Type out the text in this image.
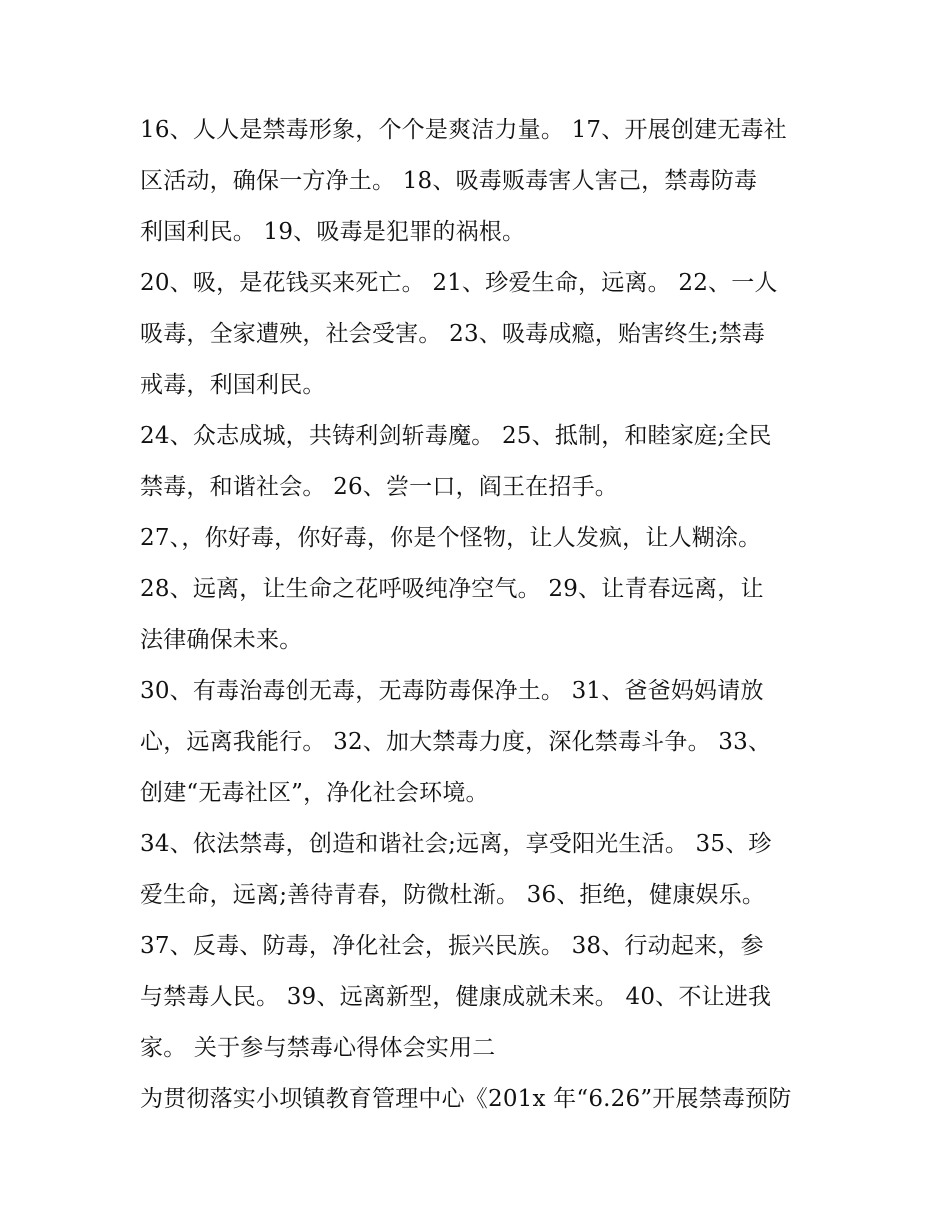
16、人人是禁毒形象，个个是爽洁力量。 17、开展创建无毒社
区活动，确保一方净土。 18、吸毒贩毒害人害己，禁毒防毒
利国利民。 19、吸毒是犯罪的祸根。
20、吸，是花钱买来死亡。 21、珍爱生命，远离。 22、一人
吸毒，全家遭殃，社会受害。 23、吸毒成瘾，贻害终生;禁毒
戒毒，利国利民。
24、众志成城，共铸利剑斩毒魔。 25、抵制，和睦家庭;全民
禁毒，和谐社会。 26、尝一口，阎王在招手。
27、，你好毒，你好毒，你是个怪物，让人发疯，让人糊涂。
28、远离，让生命之花呼吸纯净空气。 29、让青春远离，让
法律确保未来。
30、有毒治毒创无毒，无毒防毒保净土。 31、爸爸妈妈请放
心，远离我能行。 32、加大禁毒力度，深化禁毒斗争。 33、
创建“无毒社区”，净化社会环境。
34、依法禁毒，创造和谐社会;远离，享受阳光生活。 35、珍
爱生命，远离;善待青春，防微杜渐。 36、拒绝，健康娱乐。
37、反毒、防毒，净化社会，振兴民族。 38、行动起来，参
与禁毒人民。 39、远离新型，健康成就未来。 40、不让进我
家。 关于参与禁毒心得体会实用二
为贯彻落实小坝镇教育管理中心《201x 年“6.26”开展禁毒预防
